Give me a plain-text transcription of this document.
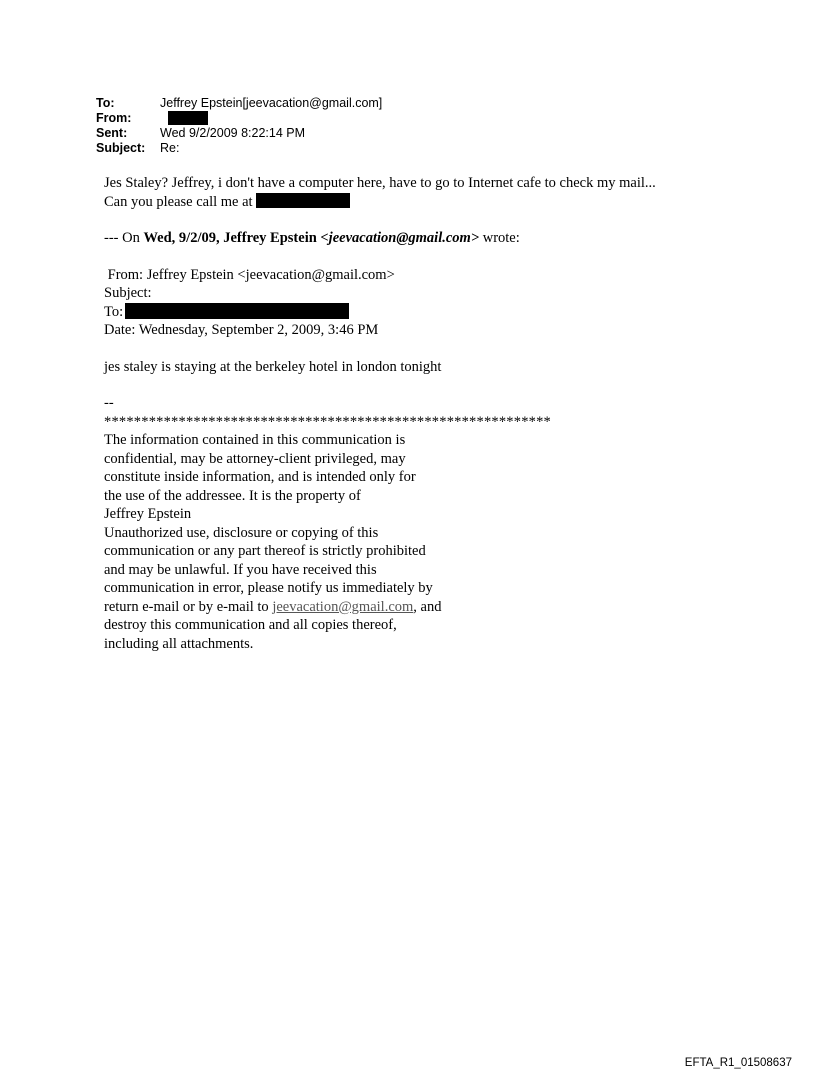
To:	Jeffrey Epstein[jeevacation@gmail.com]
From:
Sent:	Wed 9/2/2009 8:22:14 PM
Subject:	Re:

Jes Staley? Jeffrey, i don't have a computer here, have to go to Internet cafe to check my mail...

Can you please call me at

--- On Wed, 9/2/09, Jeffrey Epstein <jeevacation@gmail.com> wrote:

From: Jeffrey Epstein <jeevacation@gmail.com>

Subject:

To:

Date: Wednesday, September 2, 2009, 3:46 PM

jes staley is staying at the berkeley hotel in london tonight

--

************************************************************

The information contained in this communication is

confidential, may be attorney-client privileged, may

constitute inside information, and is intended only for

the use of the addressee. It is the property of

Jeffrey Epstein

Unauthorized use, disclosure or copying of this

communication or any part thereof is strictly prohibited

and may be unlawful. If you have received this

communication in error, please notify us immediately by

return e-mail or by e-mail to jeevacation@gmail.com, and

destroy this communication and all copies thereof,

including all attachments.

EFTA_R1_01508637
